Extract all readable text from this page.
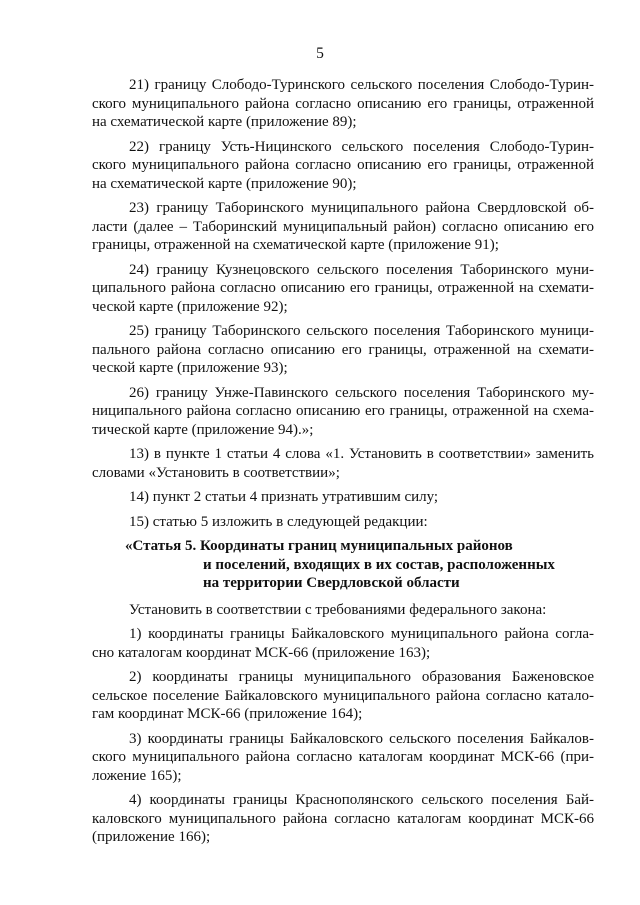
5

21) границу Слободо-Туринского сельского поселения Слободо-Турин-
ского муниципального района согласно описанию его границы, отраженной
на схематической карте (приложение 89);

22) границу Усть-Ницинского сельского поселения Слободо-Турин-
ского муниципального района согласно описанию его границы, отраженной
на схематической карте (приложение 90);

23) границу Таборинского муниципального района Свердловской об-
ласти (далее – Таборинский муниципальный район) согласно описанию его
границы, отраженной на схематической карте (приложение 91);

24) границу Кузнецовского сельского поселения Таборинского муни-
ципального района согласно описанию его границы, отраженной на схемати-
ческой карте (приложение 92);

25) границу Таборинского сельского поселения Таборинского муници-
пального района согласно описанию его границы, отраженной на схемати-
ческой карте (приложение 93);

26) границу Унже-Павинского сельского поселения Таборинского му-
ниципального района согласно описанию его границы, отраженной на схема-
тической карте (приложение 94).»;

13) в пункте 1 статьи 4 слова «1. Установить в соответствии» заменить
словами «Установить в соответствии»;

14) пункт 2 статьи 4 признать утратившим силу;

15) статью 5 изложить в следующей редакции:

«Статья 5. Координаты границ муниципальных районов
и поселений, входящих в их состав, расположенных
на территории Свердловской области

Установить в соответствии с требованиями федерального закона:

1) координаты границы Байкаловского муниципального района согла-
сно каталогам координат МСК-66 (приложение 163);

2) координаты границы муниципального образования Баженовское
сельское поселение Байкаловского муниципального района согласно катало-
гам координат МСК-66 (приложение 164);

3) координаты границы Байкаловского сельского поселения Байкалов-
ского муниципального района согласно каталогам координат МСК-66 (при-
ложение 165);

4) координаты границы Краснополянского сельского поселения Бай-
каловского муниципального района согласно каталогам координат МСК-66
(приложение 166);
